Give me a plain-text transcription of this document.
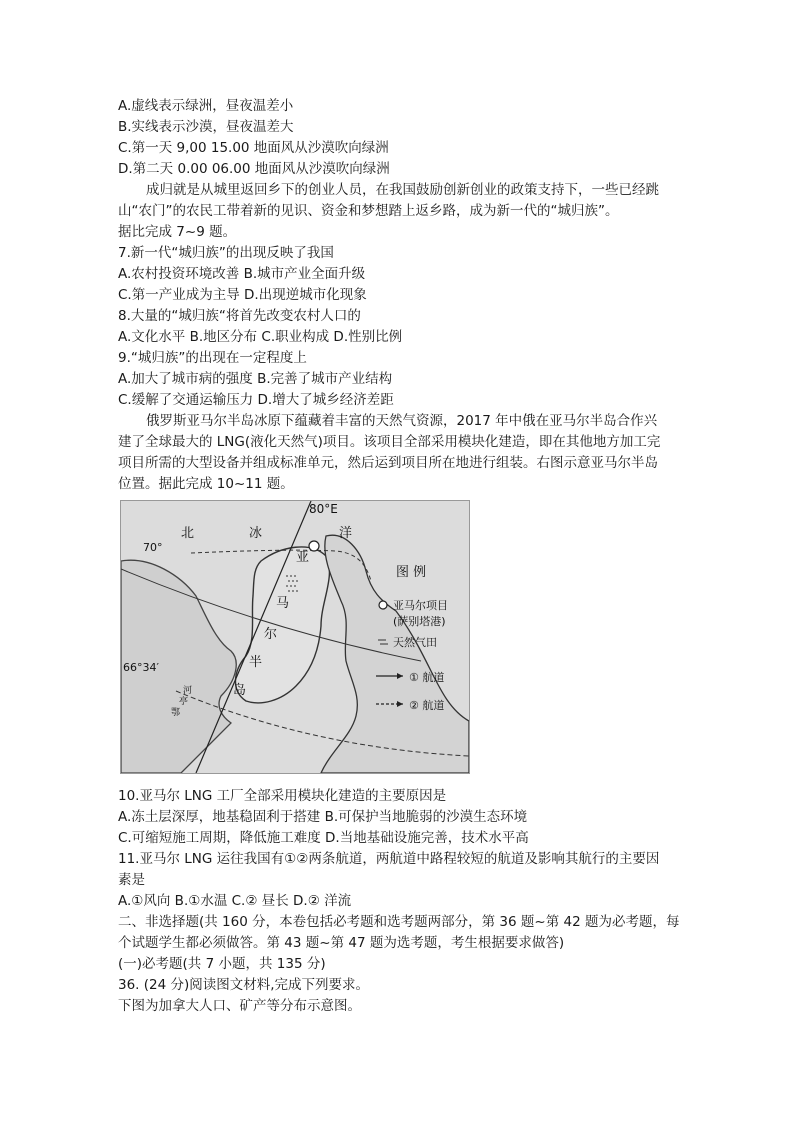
A.虚线表示绿洲，昼夜温差小
B.实线表示沙漠，昼夜温差大
C.第一天 9,00 15.00 地面风从沙漠吹向绿洲
D.第二天 0.00 06.00 地面风从沙漠吹向绿洲
成归就是从城里返回乡下的创业人员，在我国鼓励创新创业的政策支持下，一些已经跳
山“农门”的农民工带着新的见识、资金和梦想踏上返乡路，成为新一代的“城归族”。
据比完成 7~9 题。
7.新一代“城归族”的出现反映了我国
A.农村投资环境改善 B.城市产业全面升级
C.第一产业成为主导 D.出现逆城市化现象
8.大量的“城归族“将首先改变农村人口的
A.文化水平 B.地区分布 C.职业构成 D.性别比例
9.“城归族”的出现在一定程度上
A.加大了城市病的强度 B.完善了城市产业结构
C.缓解了交通运输压力 D.增大了城乡经济差距
俄罗斯亚马尔半岛冰原下蕴藏着丰富的天然气资源，2017 年中俄在亚马尔半岛合作兴
建了全球最大的 LNG(液化天然气)项目。该项目全部采用模块化建造，即在其他地方加工完
项目所需的大型设备并组成标准单元，然后运到项目所在地进行组装。右图示意亚马尔半岛
位置。据此完成 10~11 题。
80°E
70°
66°34′
北	冰	洋
亚
马
尔
半
岛
河
亭
鄂
图 例
亚马尔项目
(萨别塔港)
天然气田
① 航道
② 航道
10.亚马尔 LNG 工厂全部采用模块化建造的主要原因是
A.冻土层深厚，地基稳固利于搭建 B.可保护当地脆弱的沙漠生态环境
C.可缩短施工周期，降低施工难度 D.当地基础设施完善，技术水平高
11.亚马尔 LNG 运往我国有①②两条航道，两航道中路程较短的航道及影响其航行的主要因
素是
A.①风向 B.①水温 C.② 昼长 D.② 洋流
二、非选择题(共 160 分，本卷包括必考题和选考题两部分，第 36 题~第 42 题为必考题，每
个试题学生都必须做答。第 43 题~第 47 题为选考题，考生根据要求做答)
(一)必考题(共 7 小题，共 135 分)
36. (24 分)阅读图文材料,完成下列要求。
下图为加拿大人口、矿产等分布示意图。
